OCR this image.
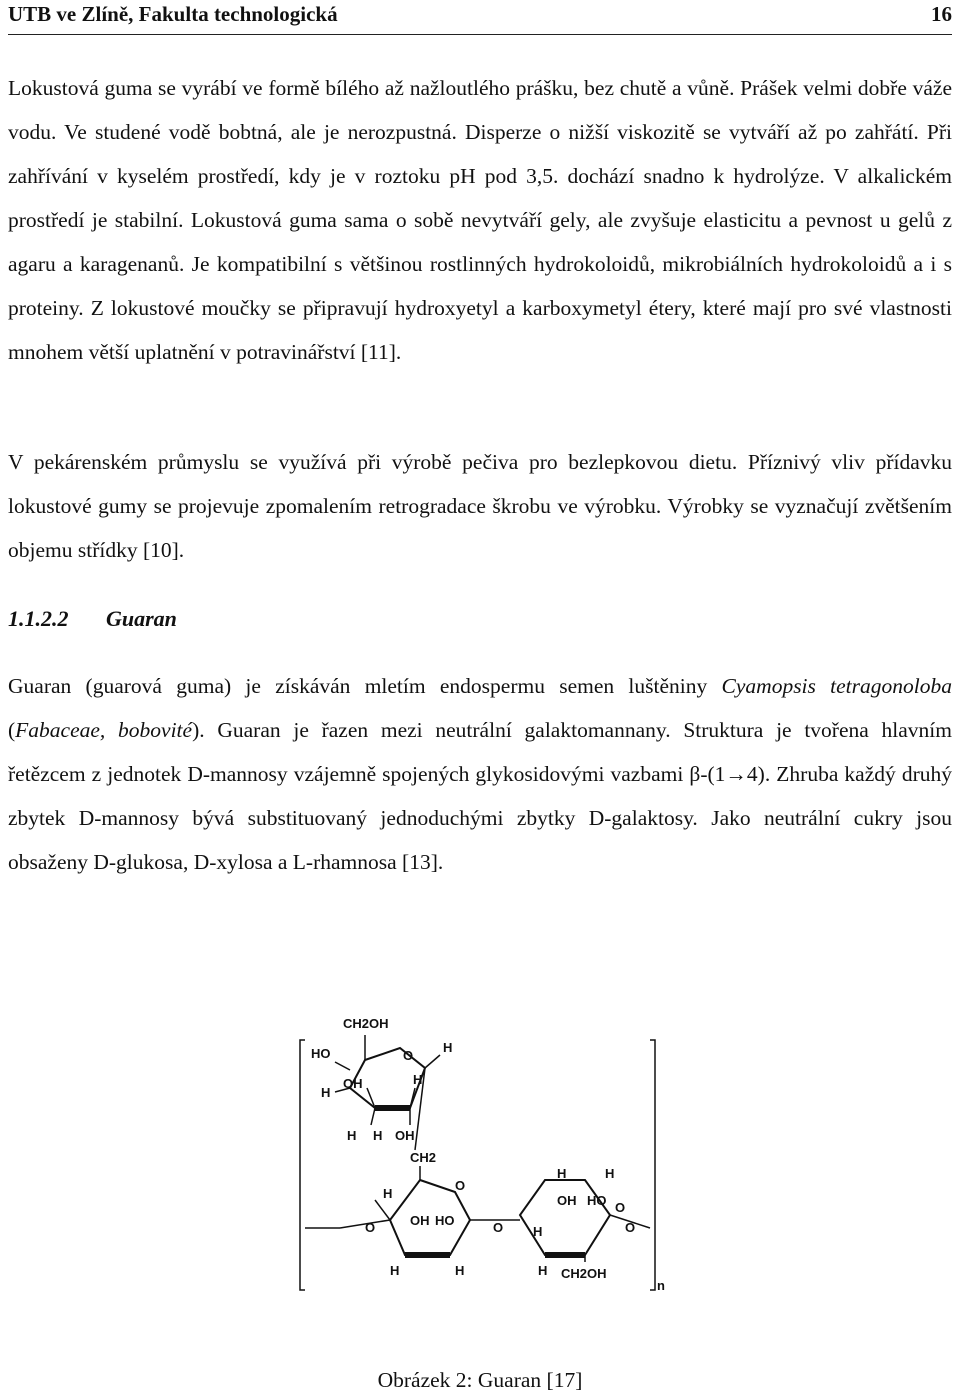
UTB ve Zlíně, Fakulta technologická	16

Lokustová guma se vyrábí ve formě bílého až nažloutlého prášku, bez chutě a vůně. Prášek velmi dobře váže vodu. Ve studené vodě bobtná, ale je nerozpustná. Disperze o nižší viskozitě se vytváří až po zahřátí. Při zahřívání v kyselém prostředí, kdy je v roztoku pH pod 3,5. dochází snadno k hydrolýze. V alkalickém prostředí je stabilní. Lokustová guma sama o sobě nevytváří gely, ale zvyšuje elasticitu a pevnost u gelů z agaru a karagenanů. Je kompatibilní s většinou rostlinných hydrokoloidů, mikrobiálních hydrokoloidů a i s proteiny. Z lokustové moučky se připravují hydroxyetyl a karboxymetyl étery, které mají pro své vlastnosti mnohem větší uplatnění v potravinářství [11].

V pekárenském průmyslu se využívá při výrobě pečiva pro bezlepkovou dietu. Příznivý vliv přídavku lokustové gumy se projevuje zpomalením retrogradace škrobu ve výrobku. Výrobky se vyznačují zvětšením objemu střídky [10].

1.1.2.2 Guaran

Guaran (guarová guma) je získáván mletím endospermu semen luštěniny Cyamopsis tetragonoloba (Fabaceae, bobovité). Guaran je řazen mezi neutrální galaktomannany. Struktura je tvořena hlavním řetězcem z jednotek D-mannosy vzájemně spojených glykosidovými vazbami β-(1→4). Zhruba každý druhý zbytek D-mannosy bývá substituovaný jednoduchými zbytky D-galaktosy. Jako neutrální cukry jsou obsaženy D-glukosa, D-xylosa a L-rhamnosa [13].

n
CH2OH
O
HO
H
OH
H
H
H OH
H
CH2
O
H
O	OH HO
H	H
O
H	H
OH HO
H
O
O
H CH2OH
Obrázek 2: Guaran [17]
